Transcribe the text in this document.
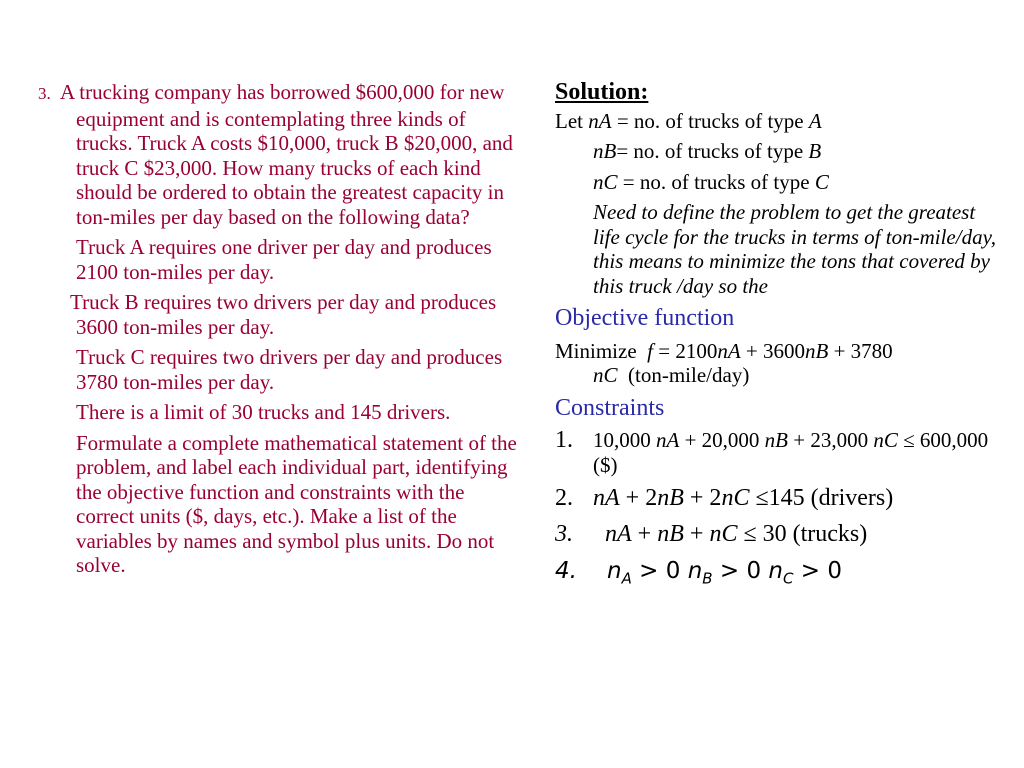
3. A trucking company has borrowed $600,000 for new equipment and is contemplating three kinds of trucks. Truck A costs $10,000, truck B $20,000, and truck C $23,000. How many trucks of each kind should be ordered to obtain the greatest capacity in ton-miles per day based on the following data?

Truck A requires one driver per day and produces 2100 ton-miles per day.

Truck B requires two drivers per day and produces 3600 ton-miles per day.

Truck C requires two drivers per day and produces 3780 ton-miles per day.

There is a limit of 30 trucks and 145 drivers.

Formulate a complete mathematical statement of the problem, and label each individual part, identifying the objective function and constraints with the correct units ($, days, etc.). Make a list of the variables by names and symbol plus units. Do not solve.

Solution:

Let nA = no. of trucks of type A

nB= no. of trucks of type B

nC = no. of trucks of type C

Need to define the problem to get the greatest life cycle for the trucks in terms of ton-mile/day, this means to minimize the tons that covered by this truck /day so the

Objective function

Minimize f = 2100nA + 3600nB + 3780
nC (ton-mile/day)

Constraints

1. 10,000 nA + 20,000 nB + 23,000 nC ≤ 600,000 ($)

2. nA + 2nB + 2nC ≤145 (drivers)

3. nA + nB + nC ≤ 30 (trucks)

4. $n_A > 0$ $n_B > 0$ $n_C > 0$
